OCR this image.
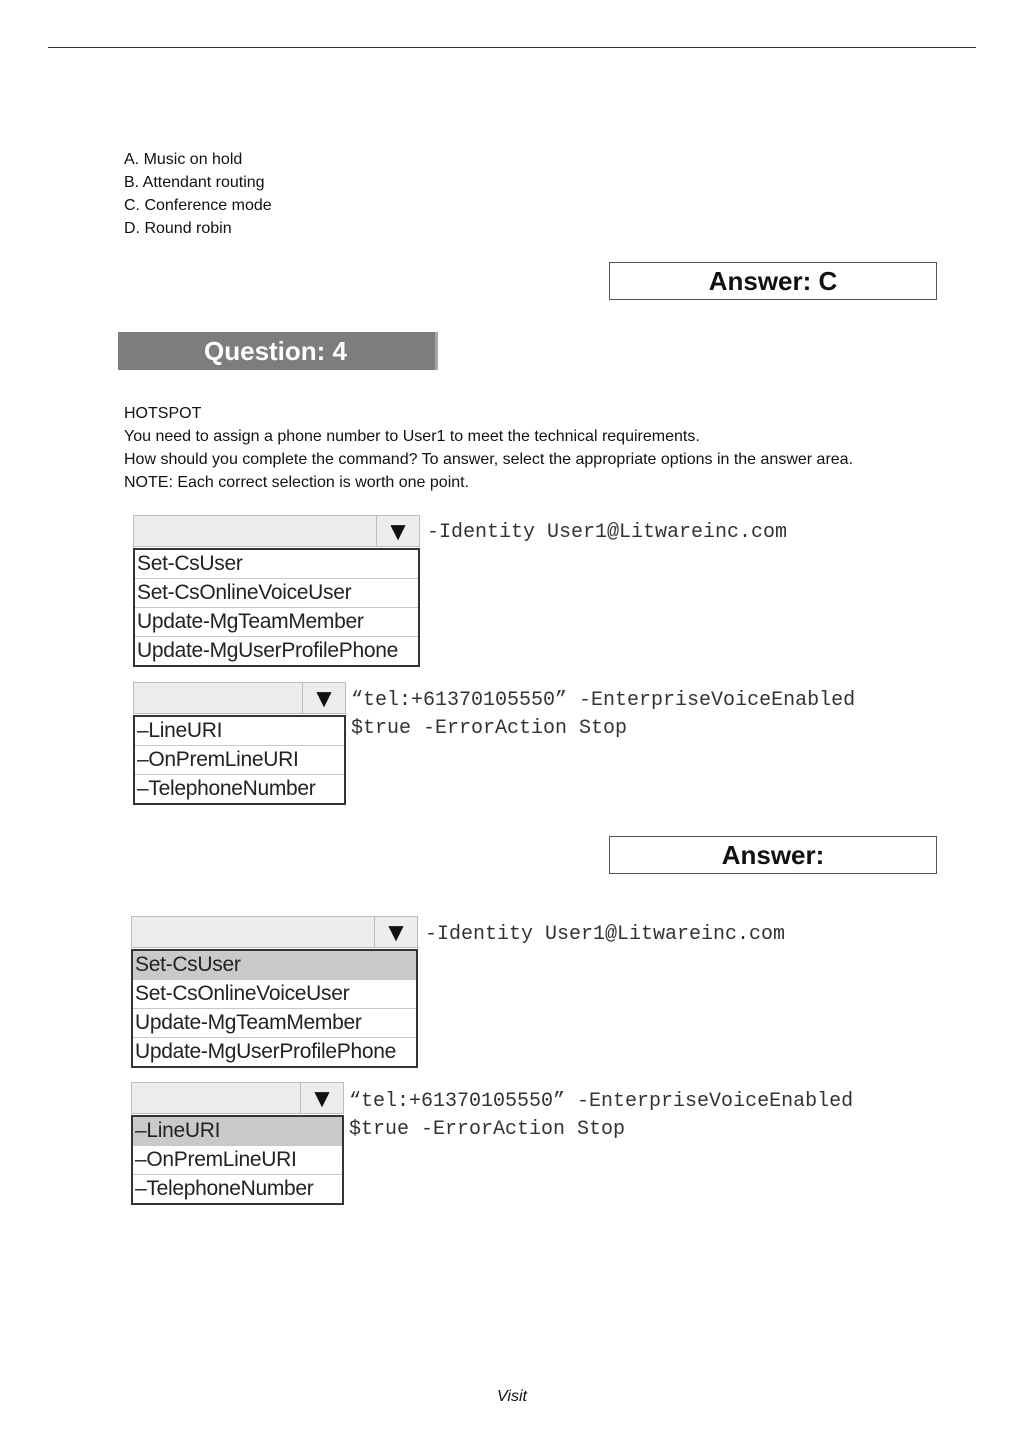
A. Music on hold
B. Attendant routing
C. Conference mode
D. Round robin
Answer: C
Question: 4
HOTSPOT
You need to assign a phone number to User1 to meet the technical requirements.
How should you complete the command? To answer, select the appropriate options in the answer area.
NOTE: Each correct selection is worth one point.
▼
Set-CsUser
Set-CsOnlineVoiceUser
Update-MgTeamMember
Update-MgUserProfilePhone
-Identity User1@Litwareinc.com
▼
–LineURI
–OnPremLineURI
–TelephoneNumber
“tel:+61370105550” -EnterpriseVoiceEnabled
$true -ErrorAction Stop
Answer:
▼
Set-CsUser
Set-CsOnlineVoiceUser
Update-MgTeamMember
Update-MgUserProfilePhone
-Identity User1@Litwareinc.com
▼
–LineURI
–OnPremLineURI
–TelephoneNumber
“tel:+61370105550” -EnterpriseVoiceEnabled
$true -ErrorAction Stop
Visit
